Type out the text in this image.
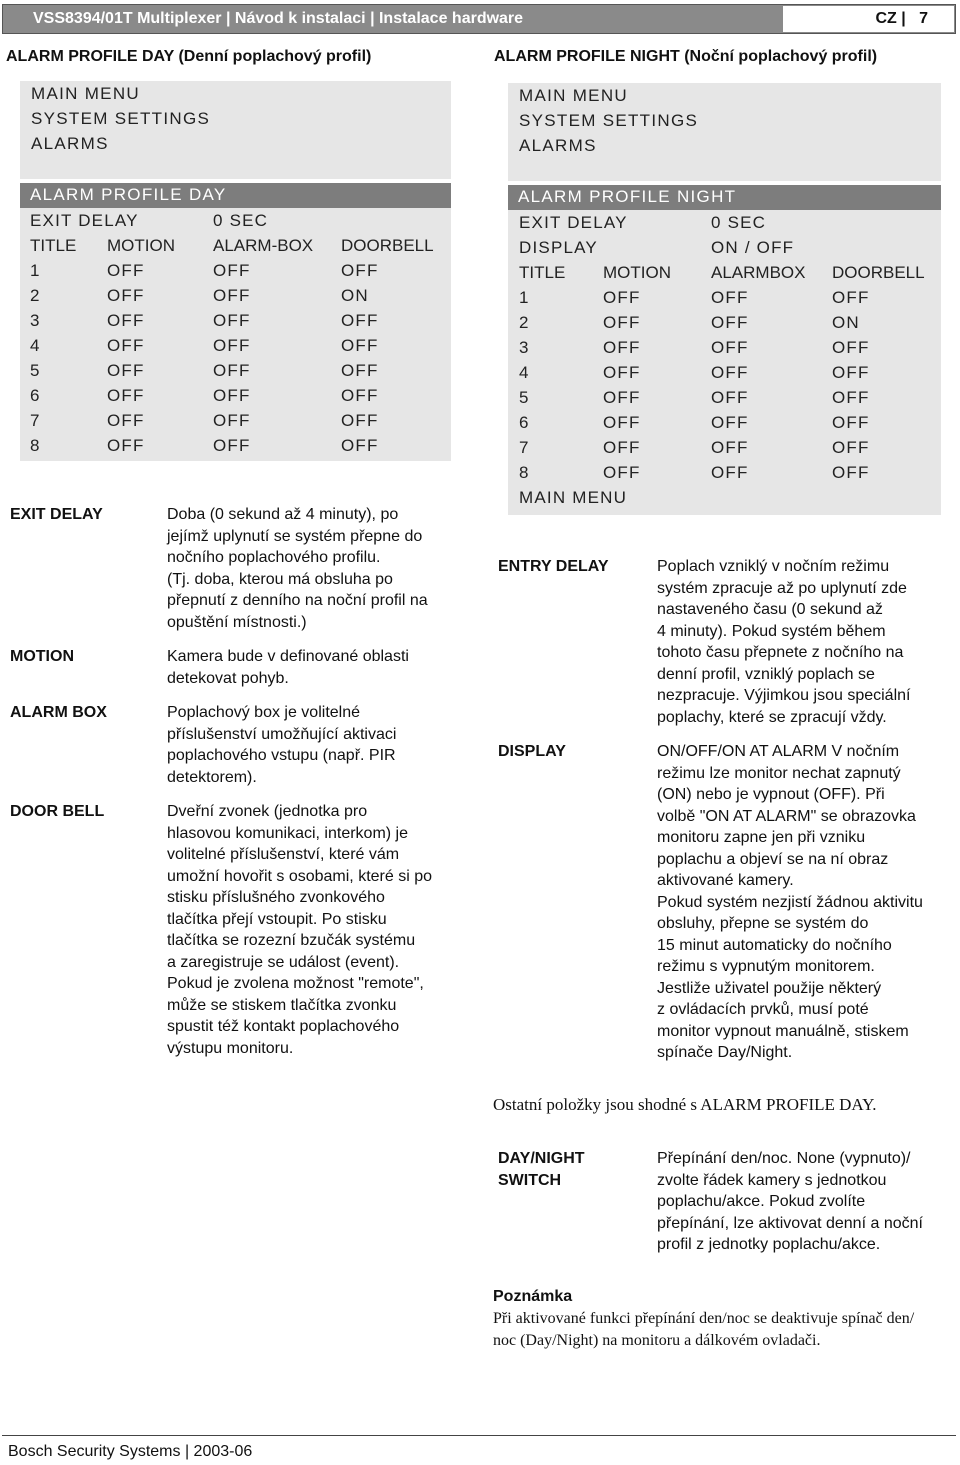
VSS8394/01T Multiplexer | Návod k instalaci | Instalace hardware	CZ | 7
ALARM PROFILE DAY (Denní poplachový profil)
MAIN MENU
SYSTEM SETTINGS
ALARMS
ALARM PROFILE DAY
EXIT DELAY	0 SEC
TITLE MOTION ALARM-BOX DOORBELL
1	OFF	OFF	OFF
2	OFF	OFF	ON
3	OFF	OFF	OFF
4	OFF	OFF	OFF
5	OFF	OFF	OFF
6	OFF	OFF	OFF
7	OFF	OFF	OFF
8	OFF	OFF	OFF
EXIT DELAY	Doba (0 sekund až 4 minuty), po
jejímž uplynutí se systém přepne do
nočního poplachového profilu.
(Tj. doba, kterou má obsluha po
přepnutí z denního na noční profil na
opuštění místnosti.)
MOTION	Kamera bude v definované oblasti
detekovat pohyb.
ALARM BOX	Poplachový box je volitelné
příslušenství umožňující aktivaci
poplachového vstupu (např. PIR
detektorem).
DOOR BELL	Dveřní zvonek (jednotka pro
hlasovou komunikaci, interkom) je
volitelné příslušenství, které vám
umožní hovořit s osobami, které si po
stisku příslušného zvonkového
tlačítka přejí vstoupit. Po stisku
tlačítka se rozezní bzučák systému
a zaregistruje se událost (event).
Pokud je zvolena možnost "remote",
může se stiskem tlačítka zvonku
spustit též kontakt poplachového
výstupu monitoru.
ALARM PROFILE NIGHT (Noční poplachový profil)
MAIN MENU
SYSTEM SETTINGS
ALARMS
ALARM PROFILE NIGHT
EXIT DELAY	0 SEC
DISPLAY	ON / OFF
TITLE MOTION ALARMBOX DOORBELL
1	OFF	OFF	OFF
2	OFF	OFF	ON
3	OFF	OFF	OFF
4	OFF	OFF	OFF
5	OFF	OFF	OFF
6	OFF	OFF	OFF
7	OFF	OFF	OFF
8	OFF	OFF	OFF
MAIN MENU
ENTRY DELAY	Poplach vzniklý v nočním režimu
systém zpracuje až po uplynutí zde
nastaveného času (0 sekund až
4 minuty). Pokud systém během
tohoto času přepnete z nočního na
denní profil, vzniklý poplach se
nezpracuje. Výjimkou jsou speciální
poplachy, které se zpracují vždy.
DISPLAY	ON/OFF/ON AT ALARM V nočním
režimu lze monitor nechat zapnutý
(ON) nebo je vypnout (OFF). Při
volbě "ON AT ALARM" se obrazovka
monitoru zapne jen při vzniku
poplachu a objeví se na ní obraz
aktivované kamery.
Pokud systém nezjistí žádnou aktivitu
obsluhy, přepne se systém do
15 minut automaticky do nočního
režimu s vypnutým monitorem.
Jestliže uživatel použije některý
z ovládacích prvků, musí poté
monitor vypnout manuálně, stiskem
spínače Day/Night.
Ostatní položky jsou shodné s ALARM PROFILE DAY.
DAY/NIGHT
SWITCH
Přepínání den/noc. None (vypnuto)/
zvolte řádek kamery s jednotkou
poplachu/akce. Pokud zvolíte
přepínání, lze aktivovat denní a noční
profil z jednotky poplachu/akce.
Poznámka
Při aktivované funkci přepínání den/noc se deaktivuje spínač den/
noc (Day/Night) na monitoru a dálkovém ovladači.
Bosch Security Systems | 2003-06
